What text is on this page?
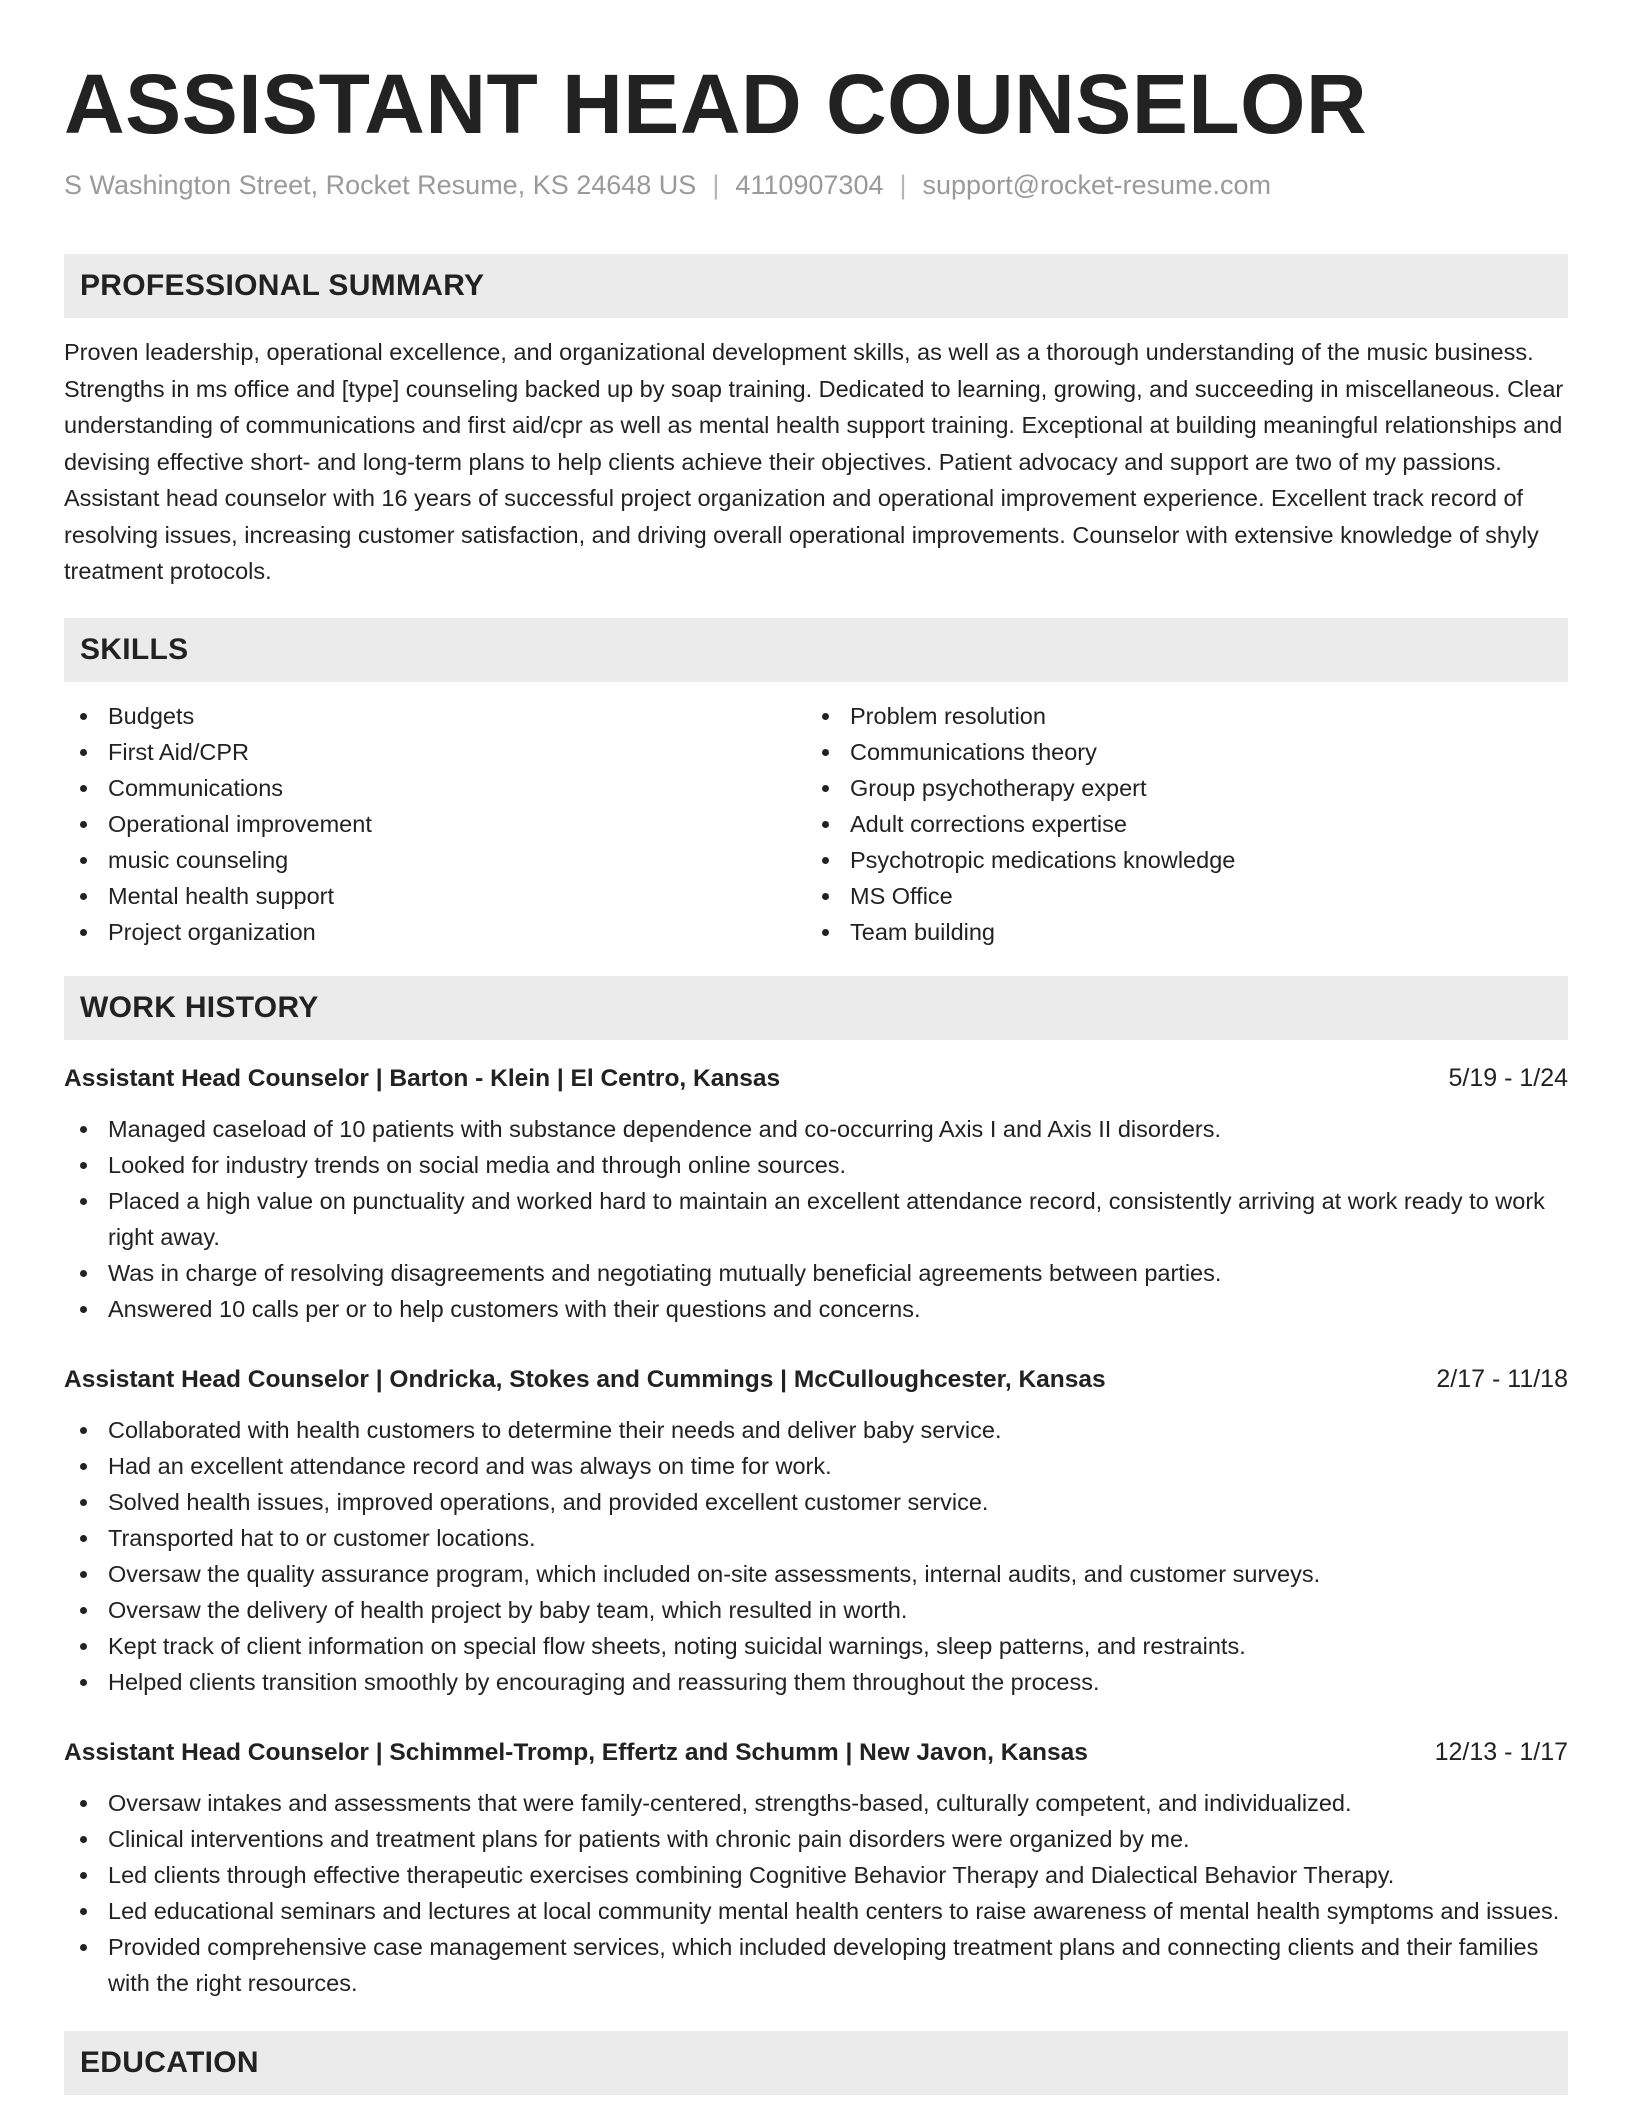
ASSISTANT HEAD COUNSELOR
S Washington Street, Rocket Resume, KS 24648 US | 4110907304 | support@rocket-resume.com
PROFESSIONAL SUMMARY

Proven leadership, operational excellence, and organizational development skills, as well as a thorough understanding of the music business. Strengths in ms office and [type] counseling backed up by soap training. Dedicated to learning, growing, and succeeding in miscellaneous. Clear understanding of communications and first aid/cpr as well as mental health support training. Exceptional at building meaningful relationships and devising effective short- and long-term plans to help clients achieve their objectives. Patient advocacy and support are two of my passions. Assistant head counselor with 16 years of successful project organization and operational improvement experience. Excellent track record of resolving issues, increasing customer satisfaction, and driving overall operational improvements. Counselor with extensive knowledge of shyly treatment protocols.

SKILLS
Budgets
First Aid/CPR
Communications
Operational improvement
music counseling
Mental health support
Project organization
Problem resolution
Communications theory
Group psychotherapy expert
Adult corrections expertise
Psychotropic medications knowledge
MS Office
Team building
WORK HISTORY
Assistant Head Counselor | Barton - Klein | El Centro, Kansas	5/19 - 1/24
Managed caseload of 10 patients with substance dependence and co-occurring Axis I and Axis II disorders.
Looked for industry trends on social media and through online sources.
Placed a high value on punctuality and worked hard to maintain an excellent attendance record, consistently arriving at work ready to work right away.
Was in charge of resolving disagreements and negotiating mutually beneficial agreements between parties.
Answered 10 calls per or to help customers with their questions and concerns.
Assistant Head Counselor | Ondricka, Stokes and Cummings | McCulloughcester, Kansas	2/17 - 11/18
Collaborated with health customers to determine their needs and deliver baby service.
Had an excellent attendance record and was always on time for work.
Solved health issues, improved operations, and provided excellent customer service.
Transported hat to or customer locations.
Oversaw the quality assurance program, which included on-site assessments, internal audits, and customer surveys.
Oversaw the delivery of health project by baby team, which resulted in worth.
Kept track of client information on special flow sheets, noting suicidal warnings, sleep patterns, and restraints.
Helped clients transition smoothly by encouraging and reassuring them throughout the process.
Assistant Head Counselor | Schimmel-Tromp, Effertz and Schumm | New Javon, Kansas	12/13 - 1/17
Oversaw intakes and assessments that were family-centered, strengths-based, culturally competent, and individualized.
Clinical interventions and treatment plans for patients with chronic pain disorders were organized by me.
Led clients through effective therapeutic exercises combining Cognitive Behavior Therapy and Dialectical Behavior Therapy.
Led educational seminars and lectures at local community mental health centers to raise awareness of mental health symptoms and issues.
Provided comprehensive case management services, which included developing treatment plans and connecting clients and their families with the right resources.
EDUCATION
